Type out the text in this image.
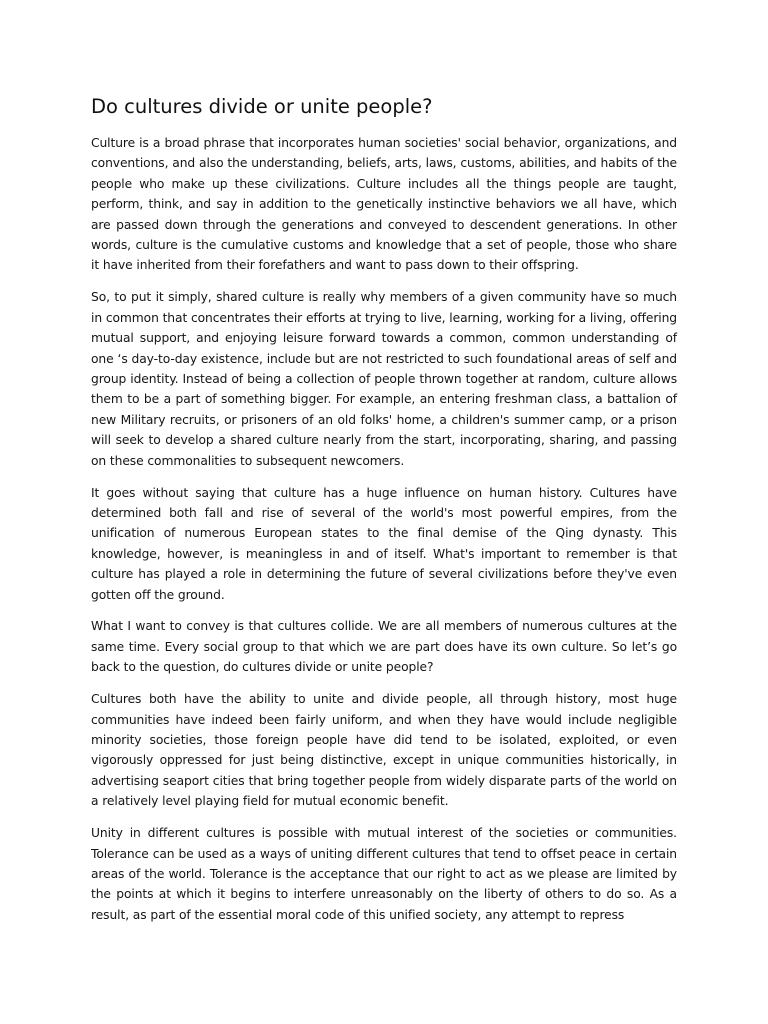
Do cultures divide or unite people?

Culture is a broad phrase that incorporates human societies' social behavior, organizations, and conventions, and also the understanding, beliefs, arts, laws, customs, abilities, and habits of the people who make up these civilizations. Culture includes all the things people are taught, perform, think, and say in addition to the genetically instinctive behaviors we all have, which are passed down through the generations and conveyed to descendent generations. In other words, culture is the cumulative customs and knowledge that a set of people, those who share it have inherited from their forefathers and want to pass down to their offspring.

So, to put it simply, shared culture is really why members of a given community have so much in common that concentrates their efforts at trying to live, learning, working for a living, offering mutual support, and enjoying leisure forward towards a common, common understanding of one ‘s day-to-day existence, include but are not restricted to such foundational areas of self and group identity. Instead of being a collection of people thrown together at random, culture allows them to be a part of something bigger. For example, an entering freshman class, a battalion of new Military recruits, or prisoners of an old folks' home, a children's summer camp, or a prison will seek to develop a shared culture nearly from the start, incorporating, sharing, and passing on these commonalities to subsequent newcomers.

It goes without saying that culture has a huge influence on human history. Cultures have determined both fall and rise of several of the world's most powerful empires, from the unification of numerous European states to the final demise of the Qing dynasty. This knowledge, however, is meaningless in and of itself. What's important to remember is that culture has played a role in determining the future of several civilizations before they've even gotten off the ground.

What I want to convey is that cultures collide. We are all members of numerous cultures at the same time. Every social group to that which we are part does have its own culture. So let’s go back to the question, do cultures divide or unite people?

Cultures both have the ability to unite and divide people, all through history, most huge communities have indeed been fairly uniform, and when they have would include negligible minority societies, those foreign people have did tend to be isolated, exploited, or even vigorously oppressed for just being distinctive, except in unique communities historically, in advertising seaport cities that bring together people from widely disparate parts of the world on a relatively level playing field for mutual economic benefit.

Unity in different cultures is possible with mutual interest of the societies or communities. Tolerance can be used as a ways of uniting different cultures that tend to offset peace in certain areas of the world. Tolerance is the acceptance that our right to act as we please are limited by the points at which it begins to interfere unreasonably on the liberty of others to do so. As a result, as part of the essential moral code of this unified society, any attempt to repress
